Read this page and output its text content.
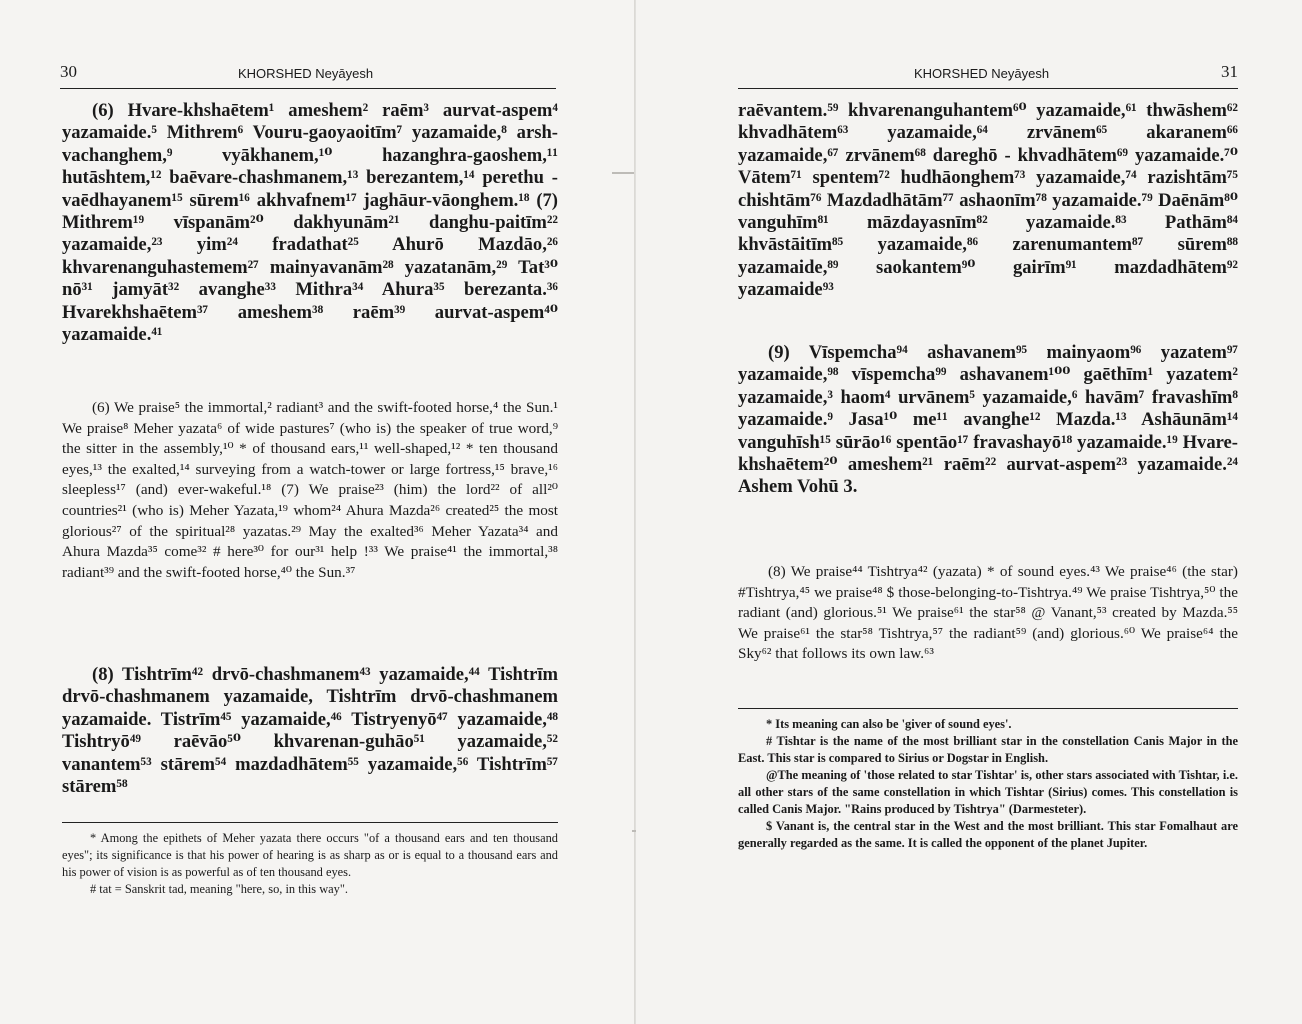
30	KHORSHED Neyāyesh

(6) Hvare-khshaētem¹ ameshem² raēm³ aurvat-aspem⁴ yazamaide.⁵ Mithrem⁶ Vouru-gaoyaoitīm⁷ yazamaide,⁸ arsh-vachanghem,⁹ vyākhanem,¹⁰ hazanghra-gaoshem,¹¹ hutāshtem,¹² baēvare-chashmanem,¹³ berezantem,¹⁴ perethu -vaēdhayanem¹⁵ sūrem¹⁶ akhvafnem¹⁷ jaghāur-vāonghem.¹⁸ (7) Mithrem¹⁹ vīspanām²⁰ dakhyunām²¹ danghu-paitīm²² yazamaide,²³ yim²⁴ fradathat²⁵ Ahurō Mazdāo,²⁶ khvarenanguhastemem²⁷ mainyavanām²⁸ yazatanām,²⁹ Tat³⁰ nō³¹ jamyāt³² avanghe³³ Mithra³⁴ Ahura³⁵ berezanta.³⁶ Hvarekhshaētem³⁷ ameshem³⁸ raēm³⁹ aurvat-aspem⁴⁰ yazamaide.⁴¹

(6) We praise⁵ the immortal,² radiant³ and the swift-footed horse,⁴ the Sun.¹ We praise⁸ Meher yazata⁶ of wide pastures⁷ (who is) the speaker of true word,⁹ the sitter in the assembly,¹⁰ * of thousand ears,¹¹ well-shaped,¹² * ten thousand eyes,¹³ the exalted,¹⁴ surveying from a watch-tower or large fortress,¹⁵ brave,¹⁶ sleepless¹⁷ (and) ever-wakeful.¹⁸ (7) We praise²³ (him) the lord²² of all²⁰ countries²¹ (who is) Meher Yazata,¹⁹ whom²⁴ Ahura Mazda²⁶ created²⁵ the most glorious²⁷ of the spiritual²⁸ yazatas.²⁹ May the exalted³⁶ Meher Yazata³⁴ and Ahura Mazda³⁵ come³² # here³⁰ for our³¹ help !³³ We praise⁴¹ the immortal,³⁸ radiant³⁹ and the swift-footed horse,⁴⁰ the Sun.³⁷

(8) Tishtrīm⁴² drvō-chashmanem⁴³ yazamaide,⁴⁴ Tishtrīm drvō-chashmanem yazamaide, Tishtrīm drvō-chashmanem yazamaide. Tistrīm⁴⁵ yazamaide,⁴⁶ Tistryenyō⁴⁷ yazamaide,⁴⁸ Tishtryō⁴⁹ raēvāo⁵⁰ khvarenan-guhāo⁵¹ yazamaide,⁵² vanantem⁵³ stārem⁵⁴ mazdadhātem⁵⁵ yazamaide,⁵⁶ Tishtrīm⁵⁷ stārem⁵⁸

* Among the epithets of Meher yazata there occurs "of a thousand ears and ten thousand eyes"; its significance is that his power of hearing is as sharp as or is equal to a thousand ears and his power of vision is as powerful as of ten thousand eyes.

# tat = Sanskrit tad, meaning "here, so, in this way".

KHORSHED Neyāyesh	31

raēvantem.⁵⁹ khvarenanguhantem⁶⁰ yazamaide,⁶¹ thwāshem⁶² khvadhātem⁶³ yazamaide,⁶⁴ zrvānem⁶⁵ akaranem⁶⁶ yazamaide,⁶⁷ zrvānem⁶⁸ dareghō - khvadhātem⁶⁹ yazamaide.⁷⁰ Vātem⁷¹ spentem⁷² hudhāonghem⁷³ yazamaide,⁷⁴ razishtām⁷⁵ chishtām⁷⁶ Mazdadhātām⁷⁷ ashaonīm⁷⁸ yazamaide.⁷⁹ Daēnām⁸⁰ vanguhīm⁸¹ māzdayasnīm⁸² yazamaide.⁸³ Pathām⁸⁴ khvāstāitīm⁸⁵ yazamaide,⁸⁶ zarenumantem⁸⁷ sūrem⁸⁸ yazamaide,⁸⁹ saokantem⁹⁰ gairīm⁹¹ mazdadhātem⁹² yazamaide⁹³

(9) Vīspemcha⁹⁴ ashavanem⁹⁵ mainyaom⁹⁶ yazatem⁹⁷ yazamaide,⁹⁸ vīspemcha⁹⁹ ashavanem¹⁰⁰ gaēthīm¹ yazatem² yazamaide,³ haom⁴ urvānem⁵ yazamaide,⁶ havām⁷ fravashīm⁸ yazamaide.⁹ Jasa¹⁰ me¹¹ avanghe¹² Mazda.¹³ Ashāunām¹⁴ vanguhīsh¹⁵ sūrāo¹⁶ spentāo¹⁷ fravashayō¹⁸ yazamaide.¹⁹ Hvare-khshaētem²⁰ ameshem²¹ raēm²² aurvat-aspem²³ yazamaide.²⁴ Ashem Vohū 3.

(8) We praise⁴⁴ Tishtrya⁴² (yazata) * of sound eyes.⁴³ We praise⁴⁶ (the star) #Tishtrya,⁴⁵ we praise⁴⁸ $ those-belonging-to-Tishtrya.⁴⁹ We praise Tishtrya,⁵⁰ the radiant (and) glorious.⁵¹ We praise⁶¹ the star⁵⁸ @ Vanant,⁵³ created by Mazda.⁵⁵ We praise⁶¹ the star⁵⁸ Tishtrya,⁵⁷ the radiant⁵⁹ (and) glorious.⁶⁰ We praise⁶⁴ the Sky⁶² that follows its own law.⁶³

* Its meaning can also be 'giver of sound eyes'.

# Tishtar is the name of the most brilliant star in the constellation Canis Major in the East. This star is compared to Sirius or Dogstar in English.

@The meaning of 'those related to star Tishtar' is, other stars associated with Tishtar, i.e. all other stars of the same constellation in which Tishtar (Sirius) comes. This constellation is called Canis Major. "Rains produced by Tishtrya" (Darmesteter).

$ Vanant is, the central star in the West and the most brilliant. This star Fomalhaut are generally regarded as the same. It is called the opponent of the planet Jupiter.
